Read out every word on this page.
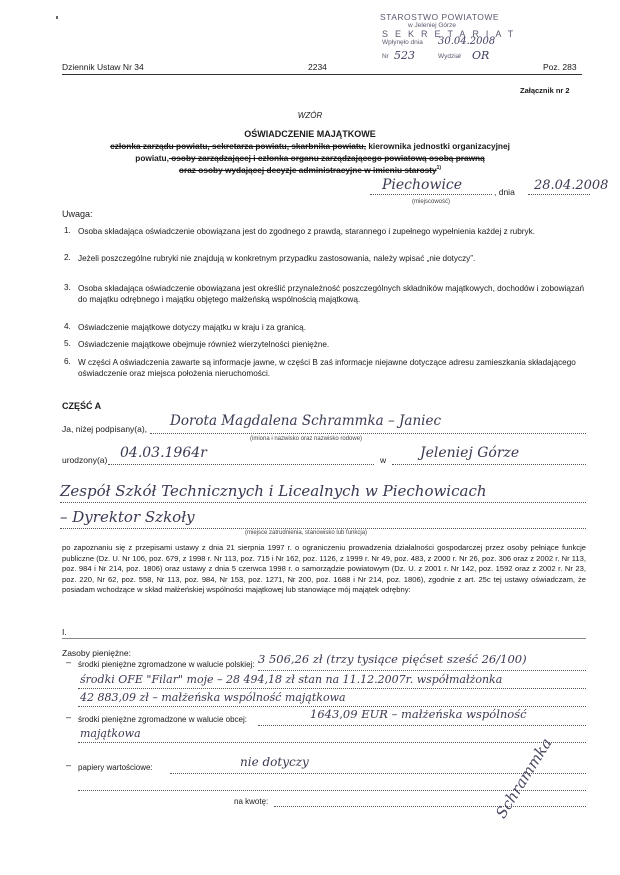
STAROSTWO POWIATOWE
w Jeleniej Górze
SEKRETARIAT
Wpłynęło dnia 30.04.2008
Nr 523	Wydział OR
Dziennik Ustaw Nr 34	2234	Poz. 283
Załącznik nr 2
WZÓR
OŚWIADCZENIE MAJĄTKOWE
członka zarządu powiatu, sekretarza powiatu, skarbnika powiatu, kierownika jednostki organizacyjnej
powiatu, osoby zarządzającej i członka organu zarządzającego powiatową osobą prawną
oraz osoby wydającej decyzje administracyjne w imieniu starosty$^{1)}$
Piechowice	, dnia 28.04.2008
(miejscowość)
Uwaga:
1. Osoba składająca oświadczenie obowiązana jest do zgodnego z prawdą, starannego i zupełnego wypełnienia każdej z rubryk.
2. Jeżeli poszczególne rubryki nie znajdują w konkretnym przypadku zastosowania, należy wpisać „nie dotyczy”.
3. Osoba składająca oświadczenie obowiązana jest określić przynależność poszczególnych składników majątkowych, dochodów i zobowiązań do majątku odrębnego i majątku objętego małżeńską wspólnością majątkową.
4. Oświadczenie majątkowe dotyczy majątku w kraju i za granicą.
5. Oświadczenie majątkowe obejmuje również wierzytelności pieniężne.
6. W części A oświadczenia zawarte są informacje jawne, w części B zaś informacje niejawne dotyczące adresu zamieszkania składającego oświadczenie oraz miejsca położenia nieruchomości.
CZĘŚĆ A
Ja, niżej podpisany(a), Dorota Magdalena Schrammka – Janiec
(imiona i nazwisko oraz nazwisko rodowe)
urodzony(a) 04.03.1964r	w Jeleniej Górze
Zespół Szkół Technicznych i Licealnych w Piechowicach
– Dyrektor Szkoły
(miejsce zatrudnienia, stanowisko lub funkcja)
po zapoznaniu się z przepisami ustawy z dnia 21 sierpnia 1997 r. o ograniczeniu prowadzenia działalności gospodarczej przez osoby pełniące funkcje publiczne (Dz. U. Nr 106, poz. 679, z 1998 r. Nr 113, poz. 715 i Nr 162, poz. 1126, z 1999 r. Nr 49, poz. 483, z 2000 r. Nr 26, poz. 306 oraz z 2002 r. Nr 113, poz. 984 i Nr 214, poz. 1806) oraz ustawy z dnia 5 czerwca 1998 r. o samorządzie powiatowym (Dz. U. z 2001 r. Nr 142, poz. 1592 oraz z 2002 r. Nr 23, poz. 220, Nr 62, poz. 558, Nr 113, poz. 984, Nr 153, poz. 1271, Nr 200, poz. 1688 i Nr 214, poz. 1806), zgodnie z art. 25c tej ustawy oświadczam, że posiadam wchodzące w skład małżeńskiej wspólności majątkowej lub stanowiące mój majątek odrębny:
I.
Zasoby pieniężne:
– środki pieniężne zgromadzone w walucie polskiej: 3 506,26 zł (trzy tysiące pięćset sześć 26/100)
środki OFE "Filar" moje – 28 494,18 zł stan na 11.12.2007r. współmałżonka
42 883,09 zł – małżeńska wspólność majątkowa
– środki pieniężne zgromadzone w walucie obcej:	1643,09 EUR – małżeńska wspólność
majątkowa
– papiery wartościowe:	nie dotyczy
na kwotę:	Schrammka
